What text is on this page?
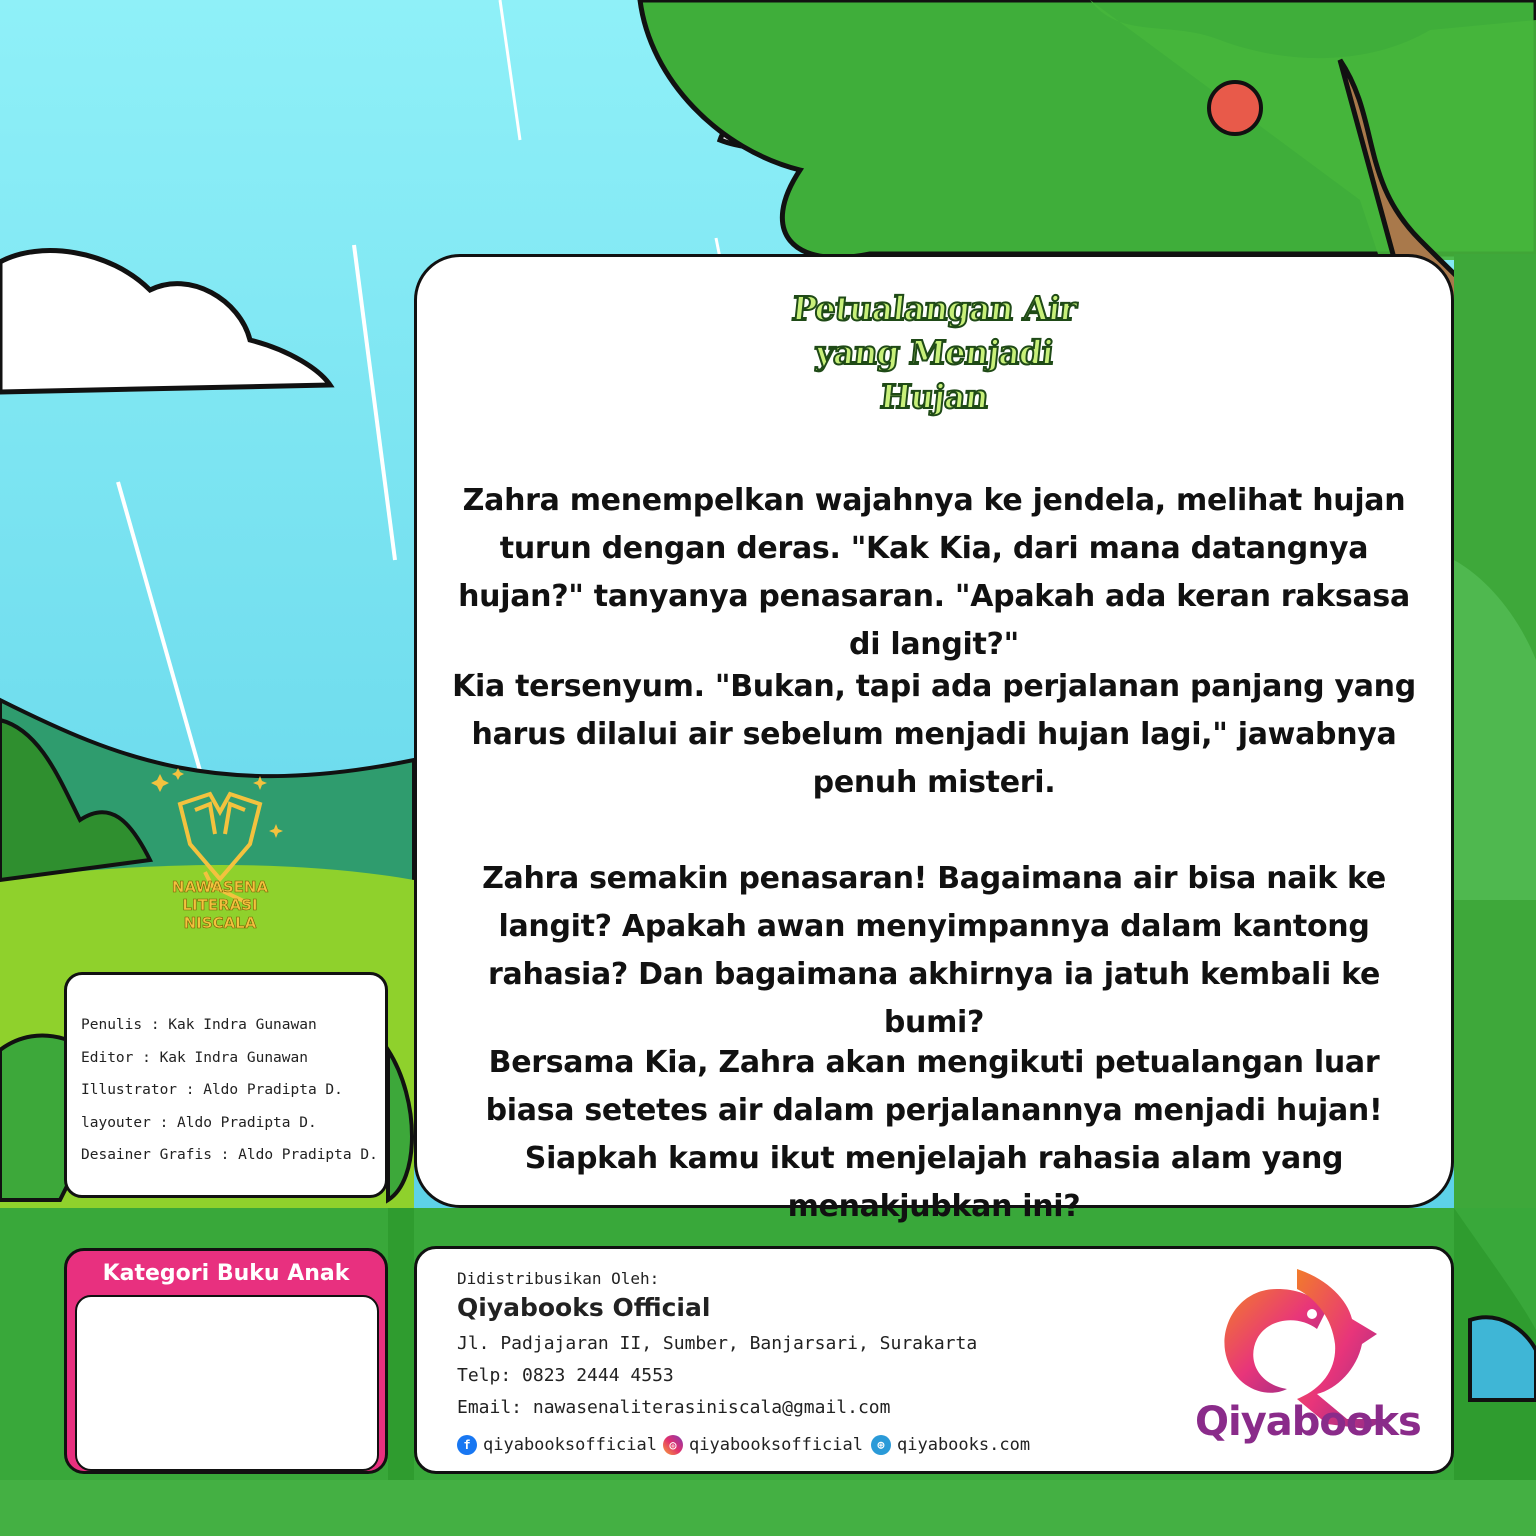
NAWASENA
LITERASI
NISCALA
Petualangan Air
yang Menjadi
Hujan
Zahra menempelkan wajahnya ke jendela, melihat hujan turun dengan deras. "Kak Kia, dari mana datangnya hujan?" tanyanya penasaran. "Apakah ada keran raksasa di langit?"
Kia tersenyum. "Bukan, tapi ada perjalanan panjang yang harus dilalui air sebelum menjadi hujan lagi," jawabnya penuh misteri.
Zahra semakin penasaran! Bagaimana air bisa naik ke langit? Apakah awan menyimpannya dalam kantong rahasia? Dan bagaimana akhirnya ia jatuh kembali ke bumi?
Bersama Kia, Zahra akan mengikuti petualangan luar biasa setetes air dalam perjalanannya menjadi hujan! Siapkah kamu ikut menjelajah rahasia alam yang menakjubkan ini?
Penulis : Kak Indra Gunawan
Editor : Kak Indra Gunawan
Illustrator : Aldo Pradipta D.
layouter : Aldo Pradipta D.
Desainer Grafis : Aldo Pradipta D.
Kategori Buku Anak	Didistribusikan Oleh:
Qiyabooks Official
Jl. Padjajaran II, Sumber, Banjarsari, Surakarta
Telp: 0823 2444 4553
Email: nawasenaliterasiniscala@gmail.com
f qiyabooksofficial	◎ qiyabooksofficial	⊕ qiyabooks.com	Qiyabooks
